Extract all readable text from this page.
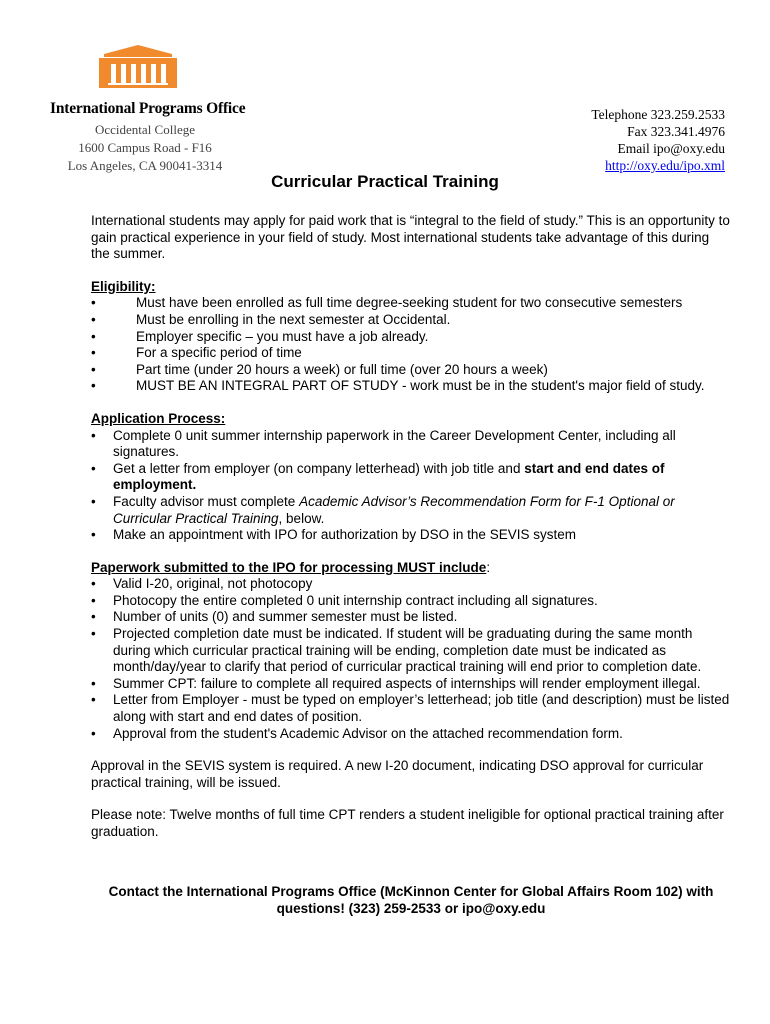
International Programs Office
Occidental College
1600 Campus Road - F16
Los Angeles, CA 90041-3314
Telephone 323.259.2533
Fax 323.341.4976
Email ipo@oxy.edu
http://oxy.edu/ipo.xml
Curricular Practical Training

International students may apply for paid work that is “integral to the field of study.” This is an opportunity to gain practical experience in your field of study. Most international students take advantage of this during the summer.

Eligibility:
•	Must have been enrolled as full time degree-seeking student for two consecutive semesters
•	Must be enrolling in the next semester at Occidental.
•	Employer specific – you must have a job already.
•	For a specific period of time
•	Part time (under 20 hours a week) or full time (over 20 hours a week)
•	MUST BE AN INTEGRAL PART OF STUDY - work must be in the student's major field of study.
Application Process:
• Complete 0 unit summer internship paperwork in the Career Development Center, including all signatures.
• Get a letter from employer (on company letterhead) with job title and start and end dates of employment.
• Faculty advisor must complete Academic Advisor’s Recommendation Form for F-1 Optional or Curricular Practical Training, below.
• Make an appointment with IPO for authorization by DSO in the SEVIS system
Paperwork submitted to the IPO for processing MUST include:
• Valid I-20, original, not photocopy
• Photocopy the entire completed 0 unit internship contract including all signatures.
• Number of units (0) and summer semester must be listed.
• Projected completion date must be indicated. If student will be graduating during the same month during which curricular practical training will be ending, completion date must be indicated as month/day/year to clarify that period of curricular practical training will end prior to completion date.
• Summer CPT: failure to complete all required aspects of internships will render employment illegal.
• Letter from Employer - must be typed on employer’s letterhead; job title (and description) must be listed along with start and end dates of position.
• Approval from the student's Academic Advisor on the attached recommendation form.

Approval in the SEVIS system is required. A new I-20 document, indicating DSO approval for curricular practical training, will be issued.

Please note: Twelve months of full time CPT renders a student ineligible for optional practical training after graduation.

Contact the International Programs Office (McKinnon Center for Global Affairs Room 102) with
questions! (323) 259-2533 or ipo@oxy.edu
